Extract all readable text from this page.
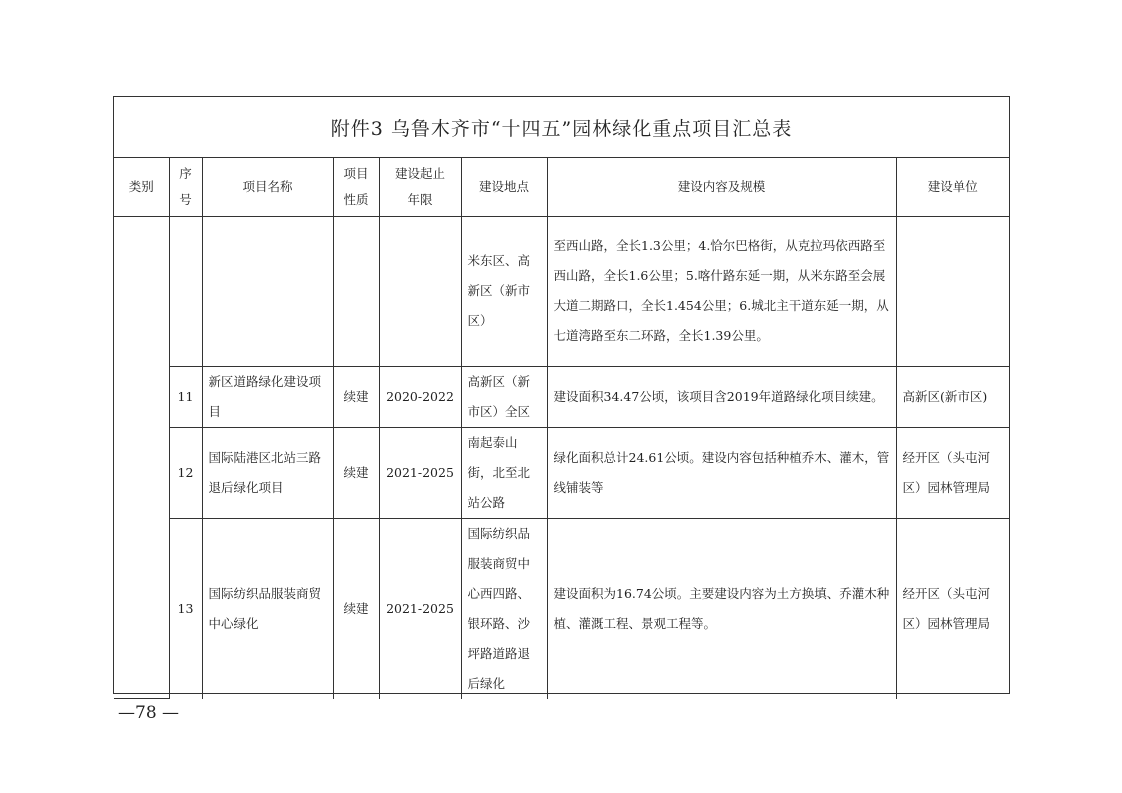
附件3 乌鲁木齐市“十四五”园林绿化重点项目汇总表
类别	序号	项目名称	项目性质	建设起止年限	建设地点	建设内容及规模	建设单位
					米东区、高新区（新市区）	至西山路，全长1.3公里；4.恰尔巴格街，从克拉玛依西路至西山路，全长1.6公里；5.喀什路东延一期，从米东路至会展大道二期路口，全长1.454公里；6.城北主干道东延一期，从七道湾路至东二环路，全长1.39公里。	
	11	新区道路绿化建设项目	续建	2020-2022	高新区（新市区）全区	建设面积34.47公顷，该项目含2019年道路绿化项目续建。	高新区(新市区)
	12	国际陆港区北站三路退后绿化项目	续建	2021-2025	南起泰山街，北至北站公路	绿化面积总计24.61公顷。建设内容包括种植乔木、灌木，管线铺装等	经开区（头屯河区）园林管理局
	13	国际纺织品服装商贸中心绿化	续建	2021-2025	国际纺织品服装商贸中心西四路、银环路、沙坪路道路退后绿化	建设面积为16.74公顷。主要建设内容为土方换填、乔灌木种植、灌溉工程、景观工程等。	经开区（头屯河区）园林管理局
—78 —
